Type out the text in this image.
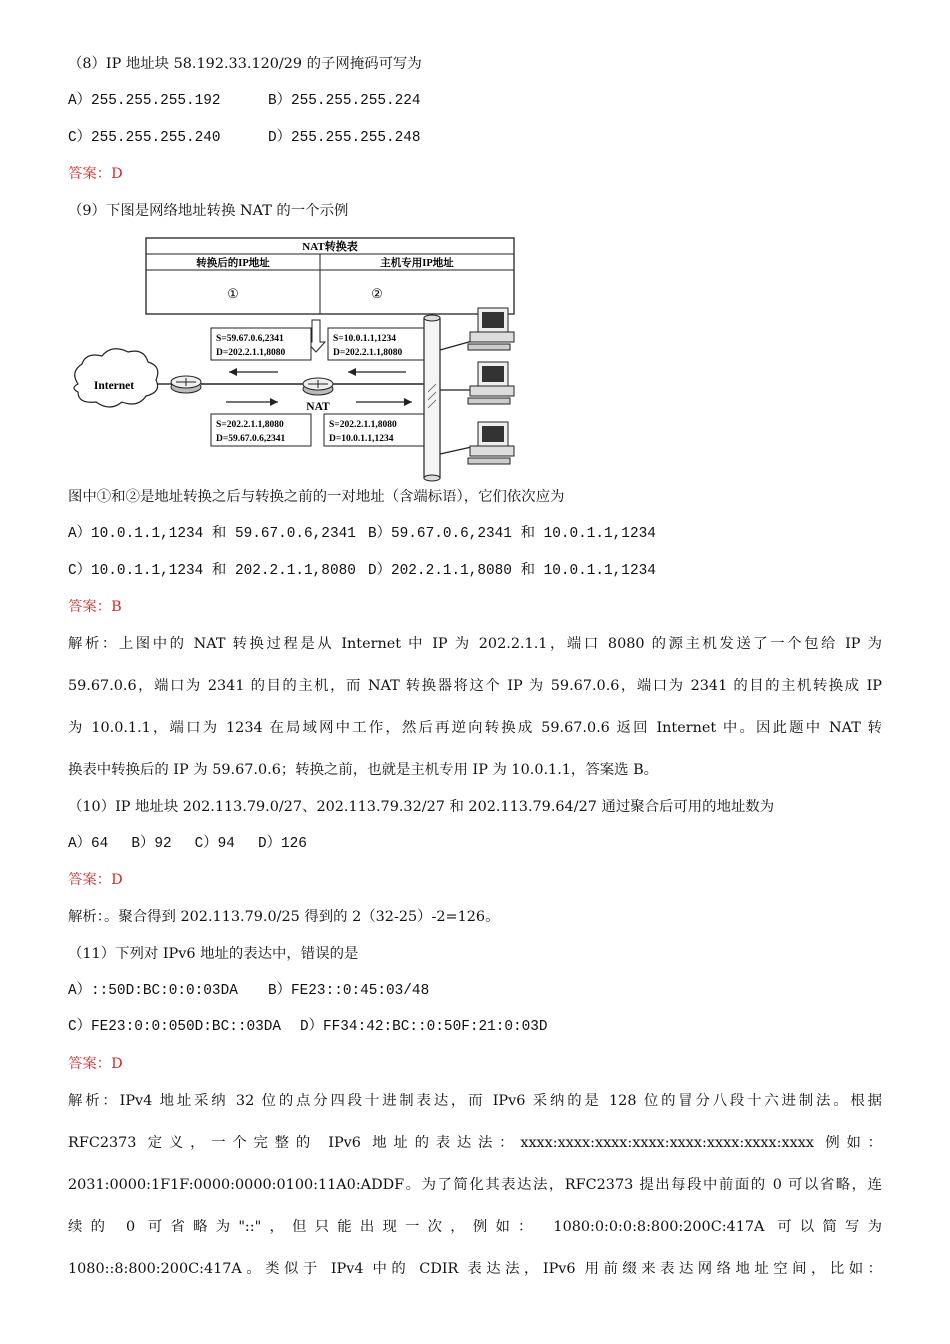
（8）IP 地址块 58.192.33.120/29 的子网掩码可写为
A）255.255.255.192	B）255.255.255.224
C）255.255.255.240	D）255.255.255.248
答案：D
（9）下图是网络地址转换 NAT 的一个示例
NAT转换表
转换后的IP地址	主机专用IP地址
①	②
S=59.67.0.6,2341
D=202.2.1.1,8080
S=10.0.1.1,1234
D=202.2.1.1,8080
Internet
NAT
S=202.2.1.1,8080
D=59.67.0.6,2341
S=202.2.1.1,8080
D=10.0.1.1,1234
图中①和②是地址转换之后与转换之前的一对地址（含端标语），它们依次应为
A）10.0.1.1,1234 和 59.67.0.6,2341 B）59.67.0.6,2341 和 10.0.1.1,1234
C）10.0.1.1,1234 和 202.2.1.1,8080 D）202.2.1.1,8080 和 10.0.1.1,1234
答案：B
解析：上图中的 NAT 转换过程是从 Internet 中 IP 为 202.2.1.1，端口 8080 的源主机发送了一个包给 IP 为
59.67.0.6，端口为 2341 的目的主机，而 NAT 转换器将这个 IP 为 59.67.0.6，端口为 2341 的目的主机转换成 IP
为 10.0.1.1，端口为 1234 在局域网中工作，然后再逆向转换成 59.67.0.6 返回 Internet 中。因此题中 NAT 转
换表中转换后的 IP 为 59.67.0.6；转换之前，也就是主机专用 IP 为 10.0.1.1，答案选 B。
（10）IP 地址块 202.113.79.0/27、202.113.79.32/27 和 202.113.79.64/27 通过聚合后可用的地址数为
A）64　 B）92　 C）94　 D）126
答案：D
解析：。聚合得到 202.113.79.0/25 得到的 2（32-25）-2=126。
（11）下列对 IPv6 地址的表达中，错误的是
A）::50D:BC:0:0:03DA B）FE23::0:45:03/48
C）FE23:0:0:050D:BC::03DA D）FF34:42:BC::0:50F:21:0:03D
答案：D
解析：IPv4 地址采纳 32 位的点分四段十进制表达，而 IPv6 采纳的是 128 位的冒分八段十六进制法。根据
RFC2373 定义，一个完整的 IPv6 地址的表达法：xxxx:xxxx:xxxx:xxxx:xxxx:xxxx:xxxx:xxxx 例如：
2031:0000:1F1F:0000:0000:0100:11A0:ADDF。为了简化其表达法，RFC2373 提出每段中前面的 0 可以省略，连
续的 0 可省略为"::"，但只能出现一次，例如： 1080:0:0:0:8:800:200C:417A 可以简写为
1080::8:800:200C:417A。类似于 IPv4 中的 CDIR 表达法，IPv6 用前缀来表达网络地址空间，比如：
